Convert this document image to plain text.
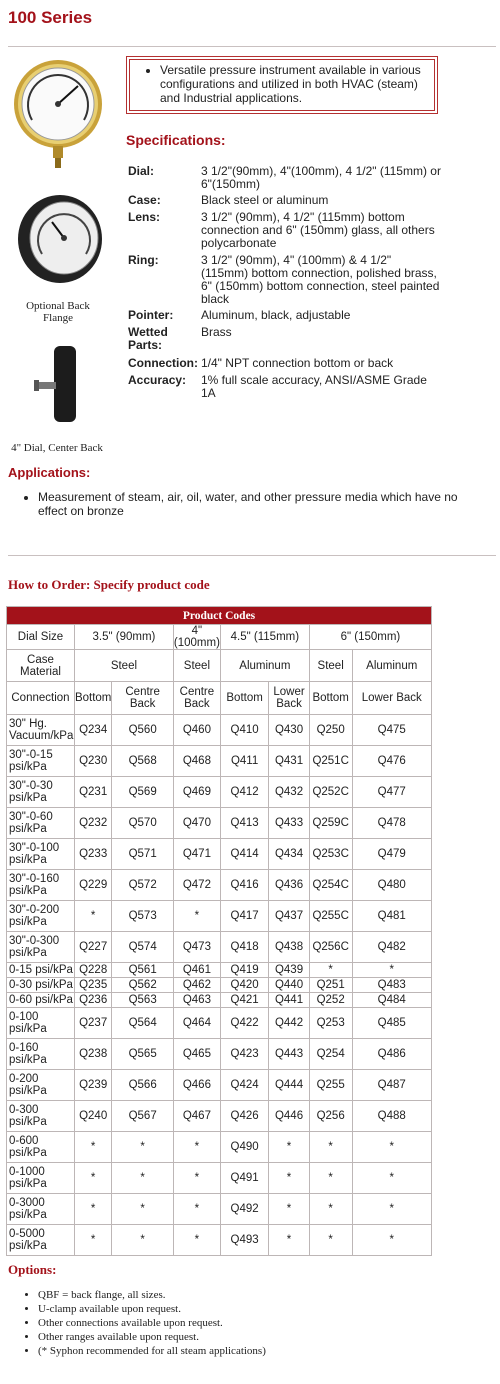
100 Series
Optional Back Flange
4" Dial, Center Back
• Versatile pressure instrument available in various configurations and utilized in both HVAC (steam) and Industrial applications.
Specifications:
Dial:	3 1/2"(90mm), 4"(100mm), 4 1/2" (115mm) or 6"(150mm)
Case:	Black steel or aluminum
Lens:	3 1/2" (90mm), 4 1/2" (115mm) bottom connection and 6" (150mm) glass, all others polycarbonate
Ring:	3 1/2" (90mm), 4" (100mm) & 4 1/2" (115mm) bottom connection, polished brass, 6" (150mm) bottom connection, steel painted black
Pointer:	Aluminum, black, adjustable
Wetted Parts:
Brass
Connection: 1/4" NPT connection bottom or back
Accuracy:	1% full scale accuracy, ANSI/ASME Grade 1A
Applications:
• Measurement of steam, air, oil, water, and other pressure media which have no effect on bronze
How to Order: Specify product code
Product Codes							
Dial Size	3.5" (90mm)		4" (100mm)	4.5" (115mm)		6" (150mm)	
Case Material	Steel		Steel	Aluminum		Steel	Aluminum
Connection	Bottom	Centre Back	Centre Back	Bottom	Lower Back	Bottom	Lower Back
30" Hg. Vacuum/kPa	Q234	Q560	Q460	Q410	Q430	Q250	Q475
30"-0-15 psi/kPa	Q230	Q568	Q468	Q411	Q431	Q251C	Q476
30"-0-30 psi/kPa	Q231	Q569	Q469	Q412	Q432	Q252C	Q477
30"-0-60 psi/kPa	Q232	Q570	Q470	Q413	Q433	Q259C	Q478
30"-0-100 psi/kPa	Q233	Q571	Q471	Q414	Q434	Q253C	Q479
30"-0-160 psi/kPa	Q229	Q572	Q472	Q416	Q436	Q254C	Q480
30"-0-200 psi/kPa	*	Q573	*	Q417	Q437	Q255C	Q481
30"-0-300 psi/kPa	Q227	Q574	Q473	Q418	Q438	Q256C	Q482
0-15 psi/kPa	Q228	Q561	Q461	Q419	Q439	*	*
0-30 psi/kPa	Q235	Q562	Q462	Q420	Q440	Q251	Q483
0-60 psi/kPa	Q236	Q563	Q463	Q421	Q441	Q252	Q484
0-100 psi/kPa	Q237	Q564	Q464	Q422	Q442	Q253	Q485
0-160 psi/kPa	Q238	Q565	Q465	Q423	Q443	Q254	Q486
0-200 psi/kPa	Q239	Q566	Q466	Q424	Q444	Q255	Q487
0-300 psi/kPa	Q240	Q567	Q467	Q426	Q446	Q256	Q488
0-600 psi/kPa	*	*	*	Q490	*	*	*
0-1000 psi/kPa	*	*	*	Q491	*	*	*
0-3000 psi/kPa	*	*	*	Q492	*	*	*
0-5000 psi/kPa	*	*	*	Q493	*	*	*
Options:
• QBF = back flange, all sizes.
• U-clamp available upon request.
• Other connections available upon request.
• Other ranges available upon request.
• (* Syphon recommended for all steam applications)
